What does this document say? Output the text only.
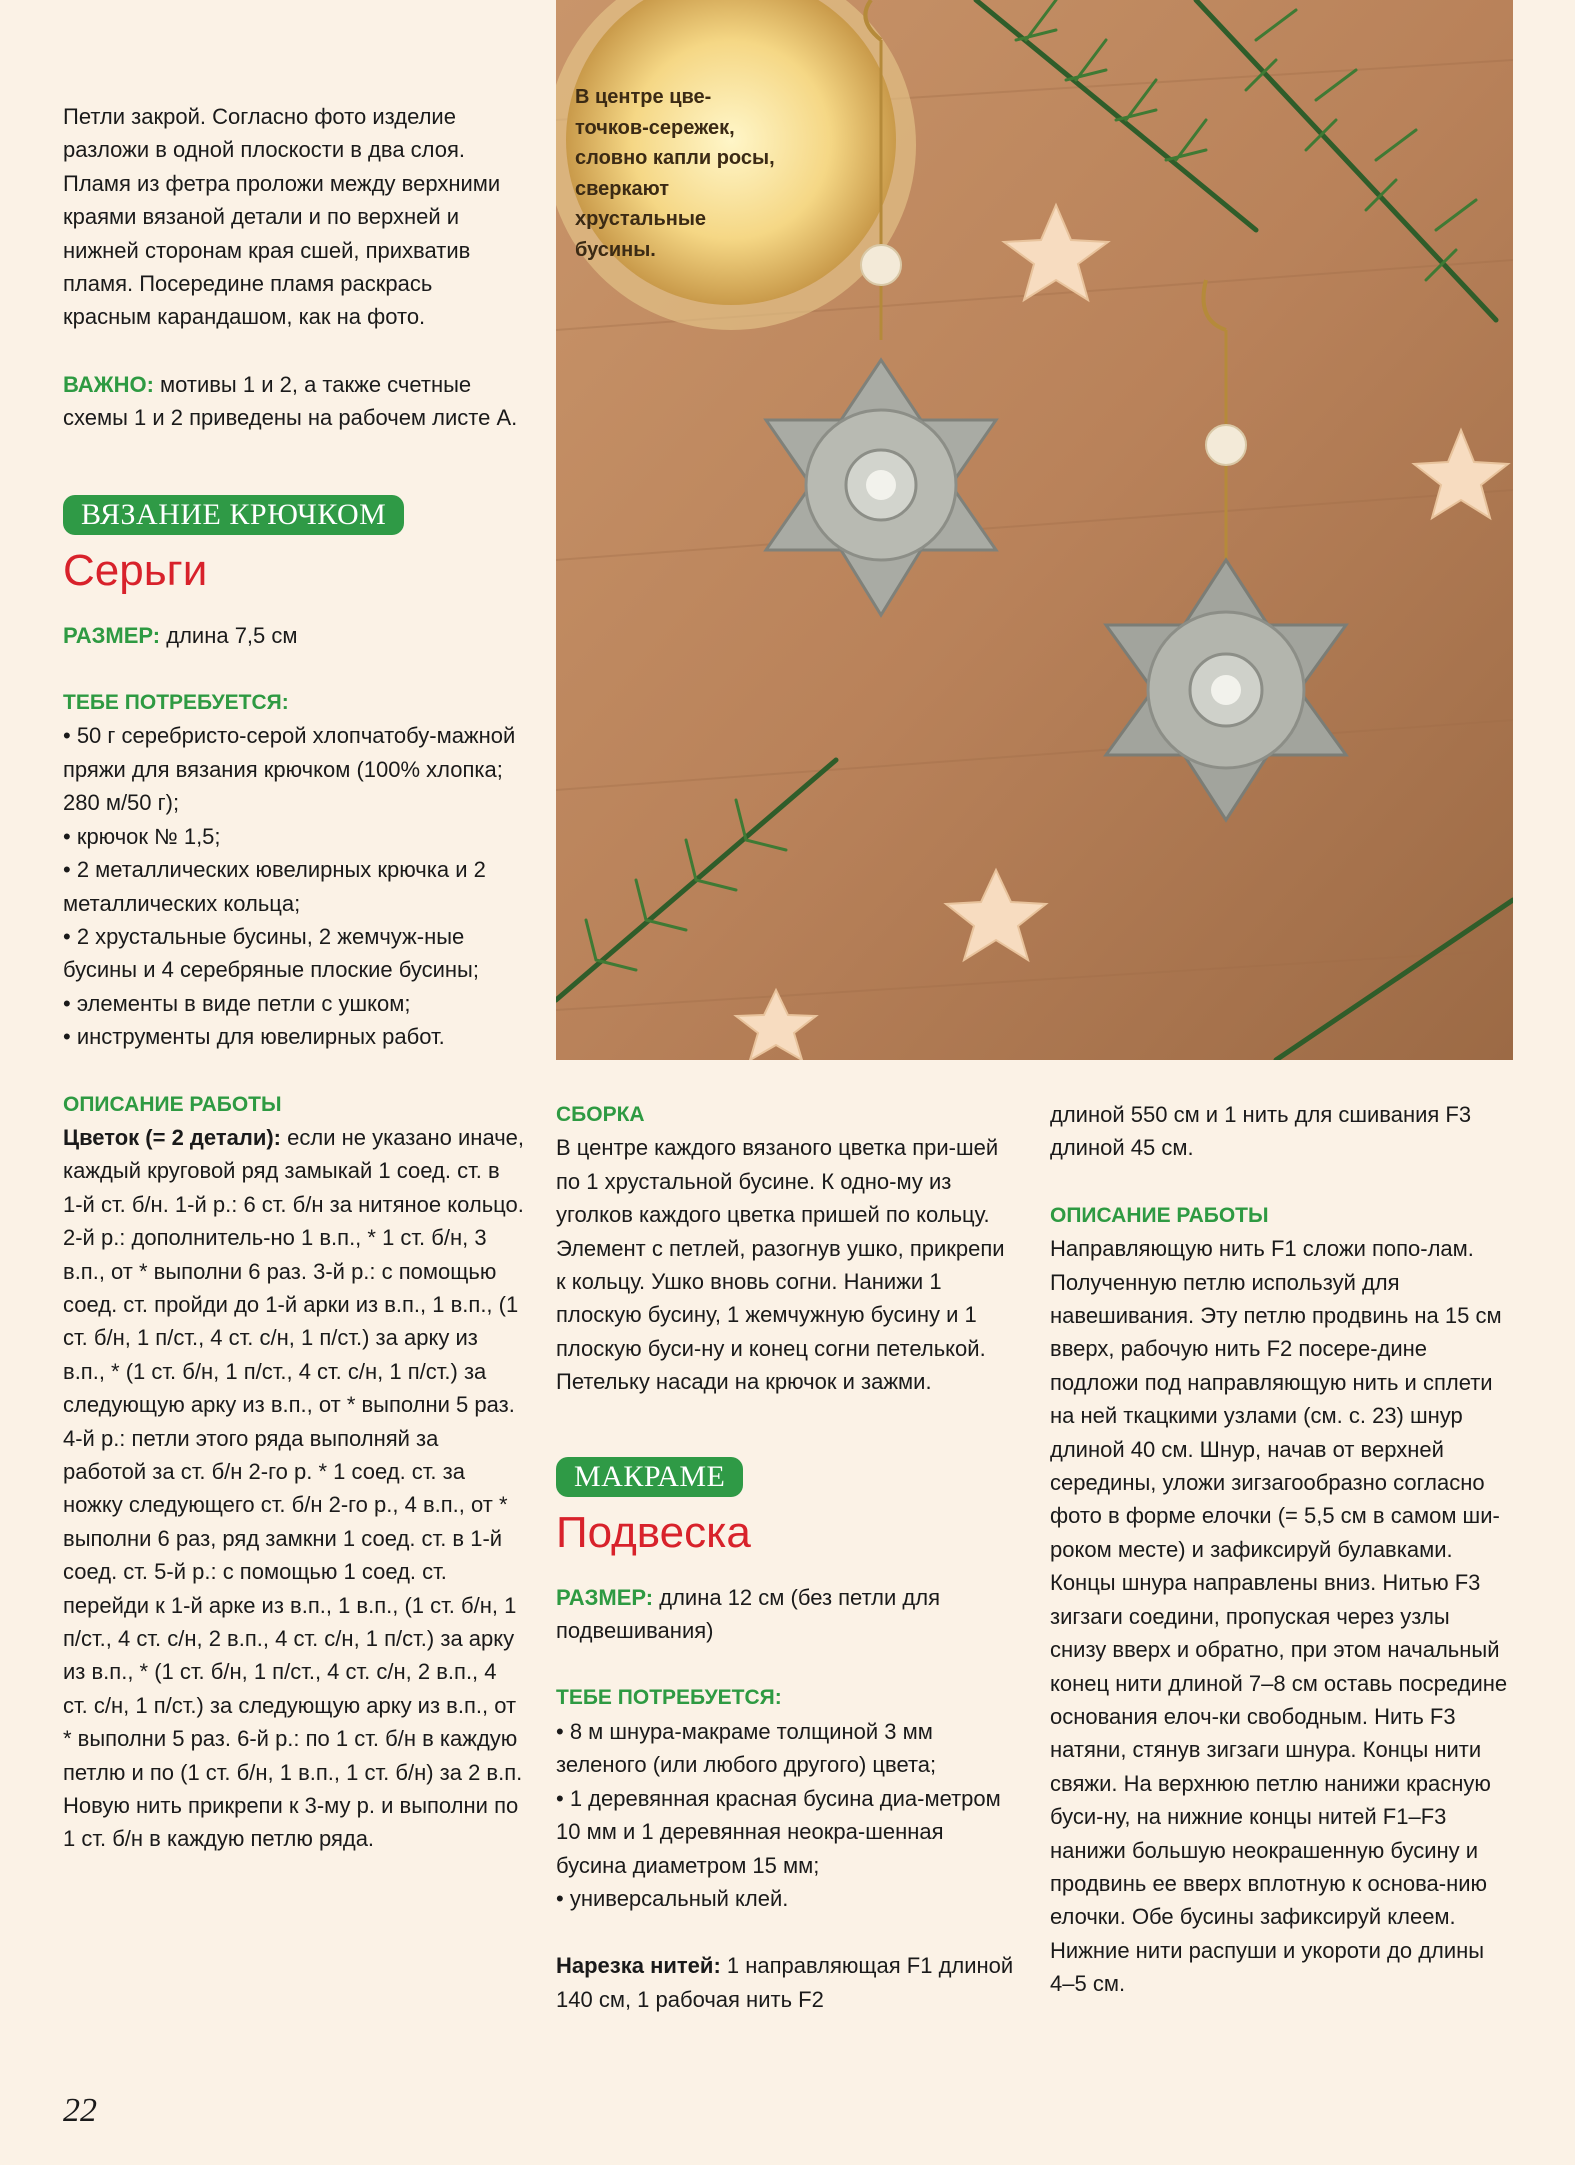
В центре цве-точков-сережек, словно капли росы, сверкают хрустальные бусины.

Петли закрой. Согласно фото изделие разложи в одной плоскости в два слоя. Пламя из фетра проложи между верхними краями вязаной детали и по верхней и нижней сторонам края сшей, прихватив пламя. Посередине пламя раскрась красным карандашом, как на фото.

ВАЖНО: мотивы 1 и 2, а также счетные схемы 1 и 2 приведены на рабочем листе А.

ВЯЗАНИЕ КРЮЧКОМ
Серьги

РАЗМЕР: длина 7,5 см

ТЕБЕ ПОТРЕБУЕТСЯ:

• 50 г серебристо-серой хлопчатобу-мажной пряжи для вязания крючком (100% хлопка; 280 м/50 г);

• крючок № 1,5;

• 2 металлических ювелирных крючка и 2 металлических кольца;

• 2 хрустальные бусины, 2 жемчуж-ные бусины и 4 серебряные плоские бусины;

• элементы в виде петли с ушком;

• инструменты для ювелирных работ.

ОПИСАНИЕ РАБОТЫ

Цветок (= 2 детали): если не указано иначе, каждый круговой ряд замыкай 1 соед. ст. в 1-й ст. б/н. 1-й р.: 6 ст. б/н за нитяное кольцо. 2-й р.: дополнитель-но 1 в.п., * 1 ст. б/н, 3 в.п., от * выполни 6 раз. 3-й р.: с помощью соед. ст. пройди до 1-й арки из в.п., 1 в.п., (1 ст. б/н, 1 п/ст., 4 ст. с/н, 1 п/ст.) за арку из в.п., * (1 ст. б/н, 1 п/ст., 4 ст. с/н, 1 п/ст.) за следующую арку из в.п., от * выполни 5 раз. 4-й р.: петли этого ряда выполняй за работой за ст. б/н 2-го р. * 1 соед. ст. за ножку следующего ст. б/н 2-го р., 4 в.п., от * выполни 6 раз, ряд замкни 1 соед. ст. в 1-й соед. ст. 5-й р.: с помощью 1 соед. ст. перейди к 1-й арке из в.п., 1 в.п., (1 ст. б/н, 1 п/ст., 4 ст. с/н, 2 в.п., 4 ст. с/н, 1 п/ст.) за арку из в.п., * (1 ст. б/н, 1 п/ст., 4 ст. с/н, 2 в.п., 4 ст. с/н, 1 п/ст.) за следующую арку из в.п., от * выполни 5 раз. 6-й р.: по 1 ст. б/н в каждую петлю и по (1 ст. б/н, 1 в.п., 1 ст. б/н) за 2 в.п. Новую нить прикрепи к 3-му р. и выполни по 1 ст. б/н в каждую петлю ряда.

СБОРКА

В центре каждого вязаного цветка при-шей по 1 хрустальной бусине. К одно-му из уголков каждого цветка пришей по кольцу. Элемент с петлей, разогнув ушко, прикрепи к кольцу. Ушко вновь согни. Нанижи 1 плоскую бусину, 1 жемчужную бусину и 1 плоскую буси-ну и конец согни петелькой. Петельку насади на крючок и зажми.

МАКРАМЕ
Подвеска

РАЗМЕР: длина 12 см (без петли для подвешивания)

ТЕБЕ ПОТРЕБУЕТСЯ:

• 8 м шнура-макраме толщиной 3 мм зеленого (или любого другого) цвета;

• 1 деревянная красная бусина диа-метром 10 мм и 1 деревянная неокра-шенная бусина диаметром 15 мм;

• универсальный клей.

Нарезка нитей: 1 направляющая F1 длиной 140 см, 1 рабочая нить F2

длиной 550 см и 1 нить для сшивания F3 длиной 45 см.

ОПИСАНИЕ РАБОТЫ

Направляющую нить F1 сложи попо-лам. Полученную петлю используй для навешивания. Эту петлю продвинь на 15 см вверх, рабочую нить F2 посере-дине подложи под направляющую нить и сплети на ней ткацкими узлами (см. с. 23) шнур длиной 40 см. Шнур, начав от верхней середины, уложи зигзагообразно согласно фото в форме елочки (= 5,5 см в самом ши-роком месте) и зафиксируй булавками. Концы шнура направлены вниз. Нитью F3 зигзаги соедини, пропуская через узлы снизу вверх и обратно, при этом начальный конец нити длиной 7–8 см оставь посредине основания елоч-ки свободным. Нить F3 натяни, стянув зигзаги шнура. Концы нити свяжи. На верхнюю петлю нанижи красную буси-ну, на нижние концы нитей F1–F3 нанижи большую неокрашенную бусину и продвинь ее вверх вплотную к основа-нию елочки. Обе бусины зафиксируй клеем. Нижние нити распуши и укороти до длины 4–5 см.

22
